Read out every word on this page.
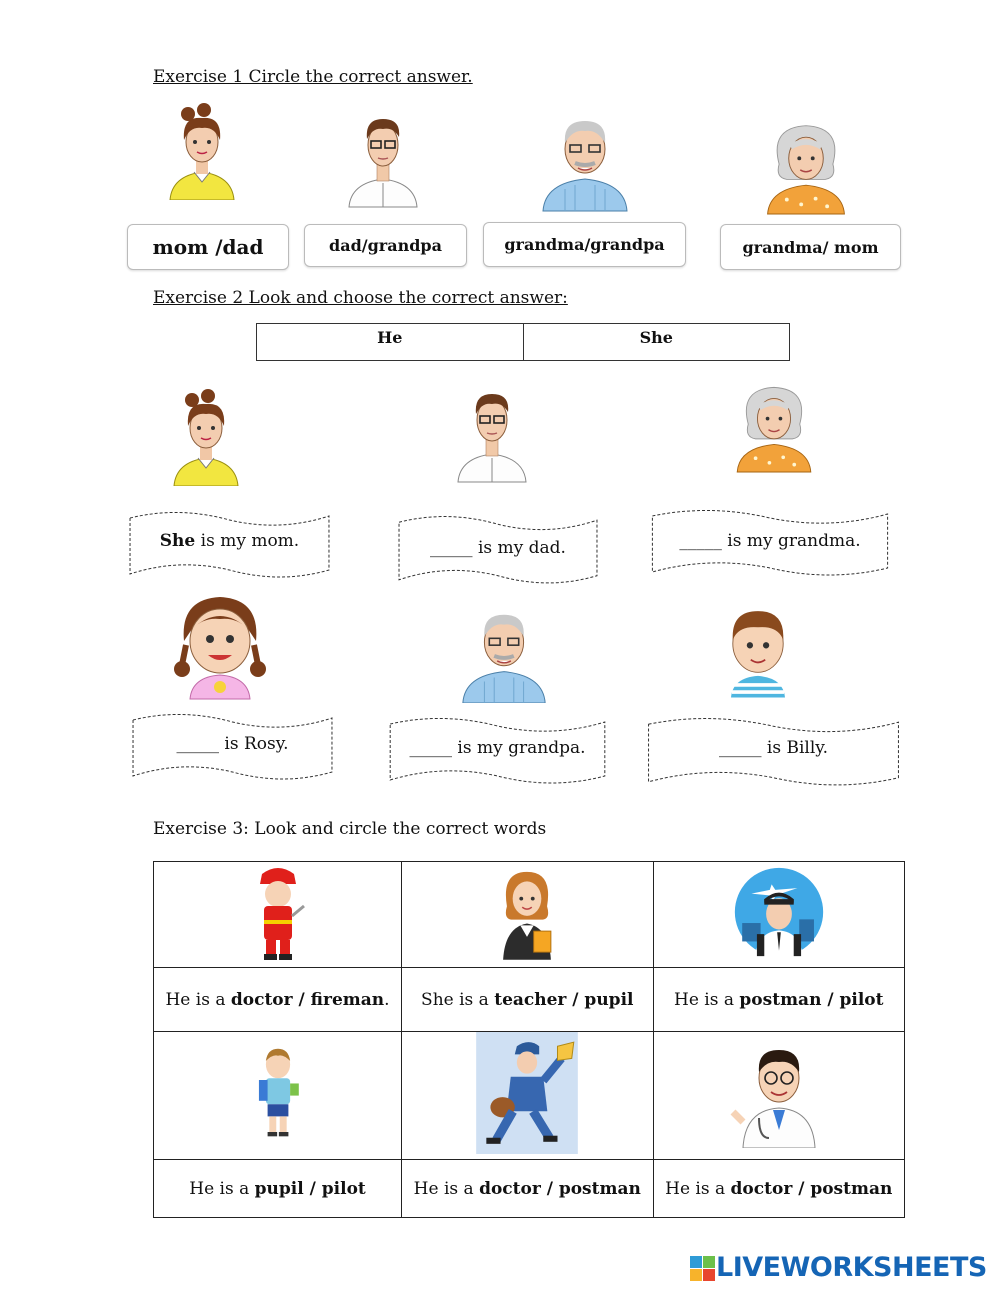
Exercise 1 Circle the correct answer.
mom /dad	dad/grandpa	grandma/grandpa	grandma/ mom
Exercise 2 Look and choose the correct answer:
He	She
She is my mom.	_____ is my dad.	_____ is my grandma.
_____ is Rosy.	_____ is my grandpa.	_____ is Billy.
Exercise 3: Look and circle the correct words

He is a doctor / fireman.	She is a teacher / pupil	He is a postman / pilot

He is a pupil / pilot	He is a doctor / postman	He is a doctor / postman
LIVEWORKSHEETS
